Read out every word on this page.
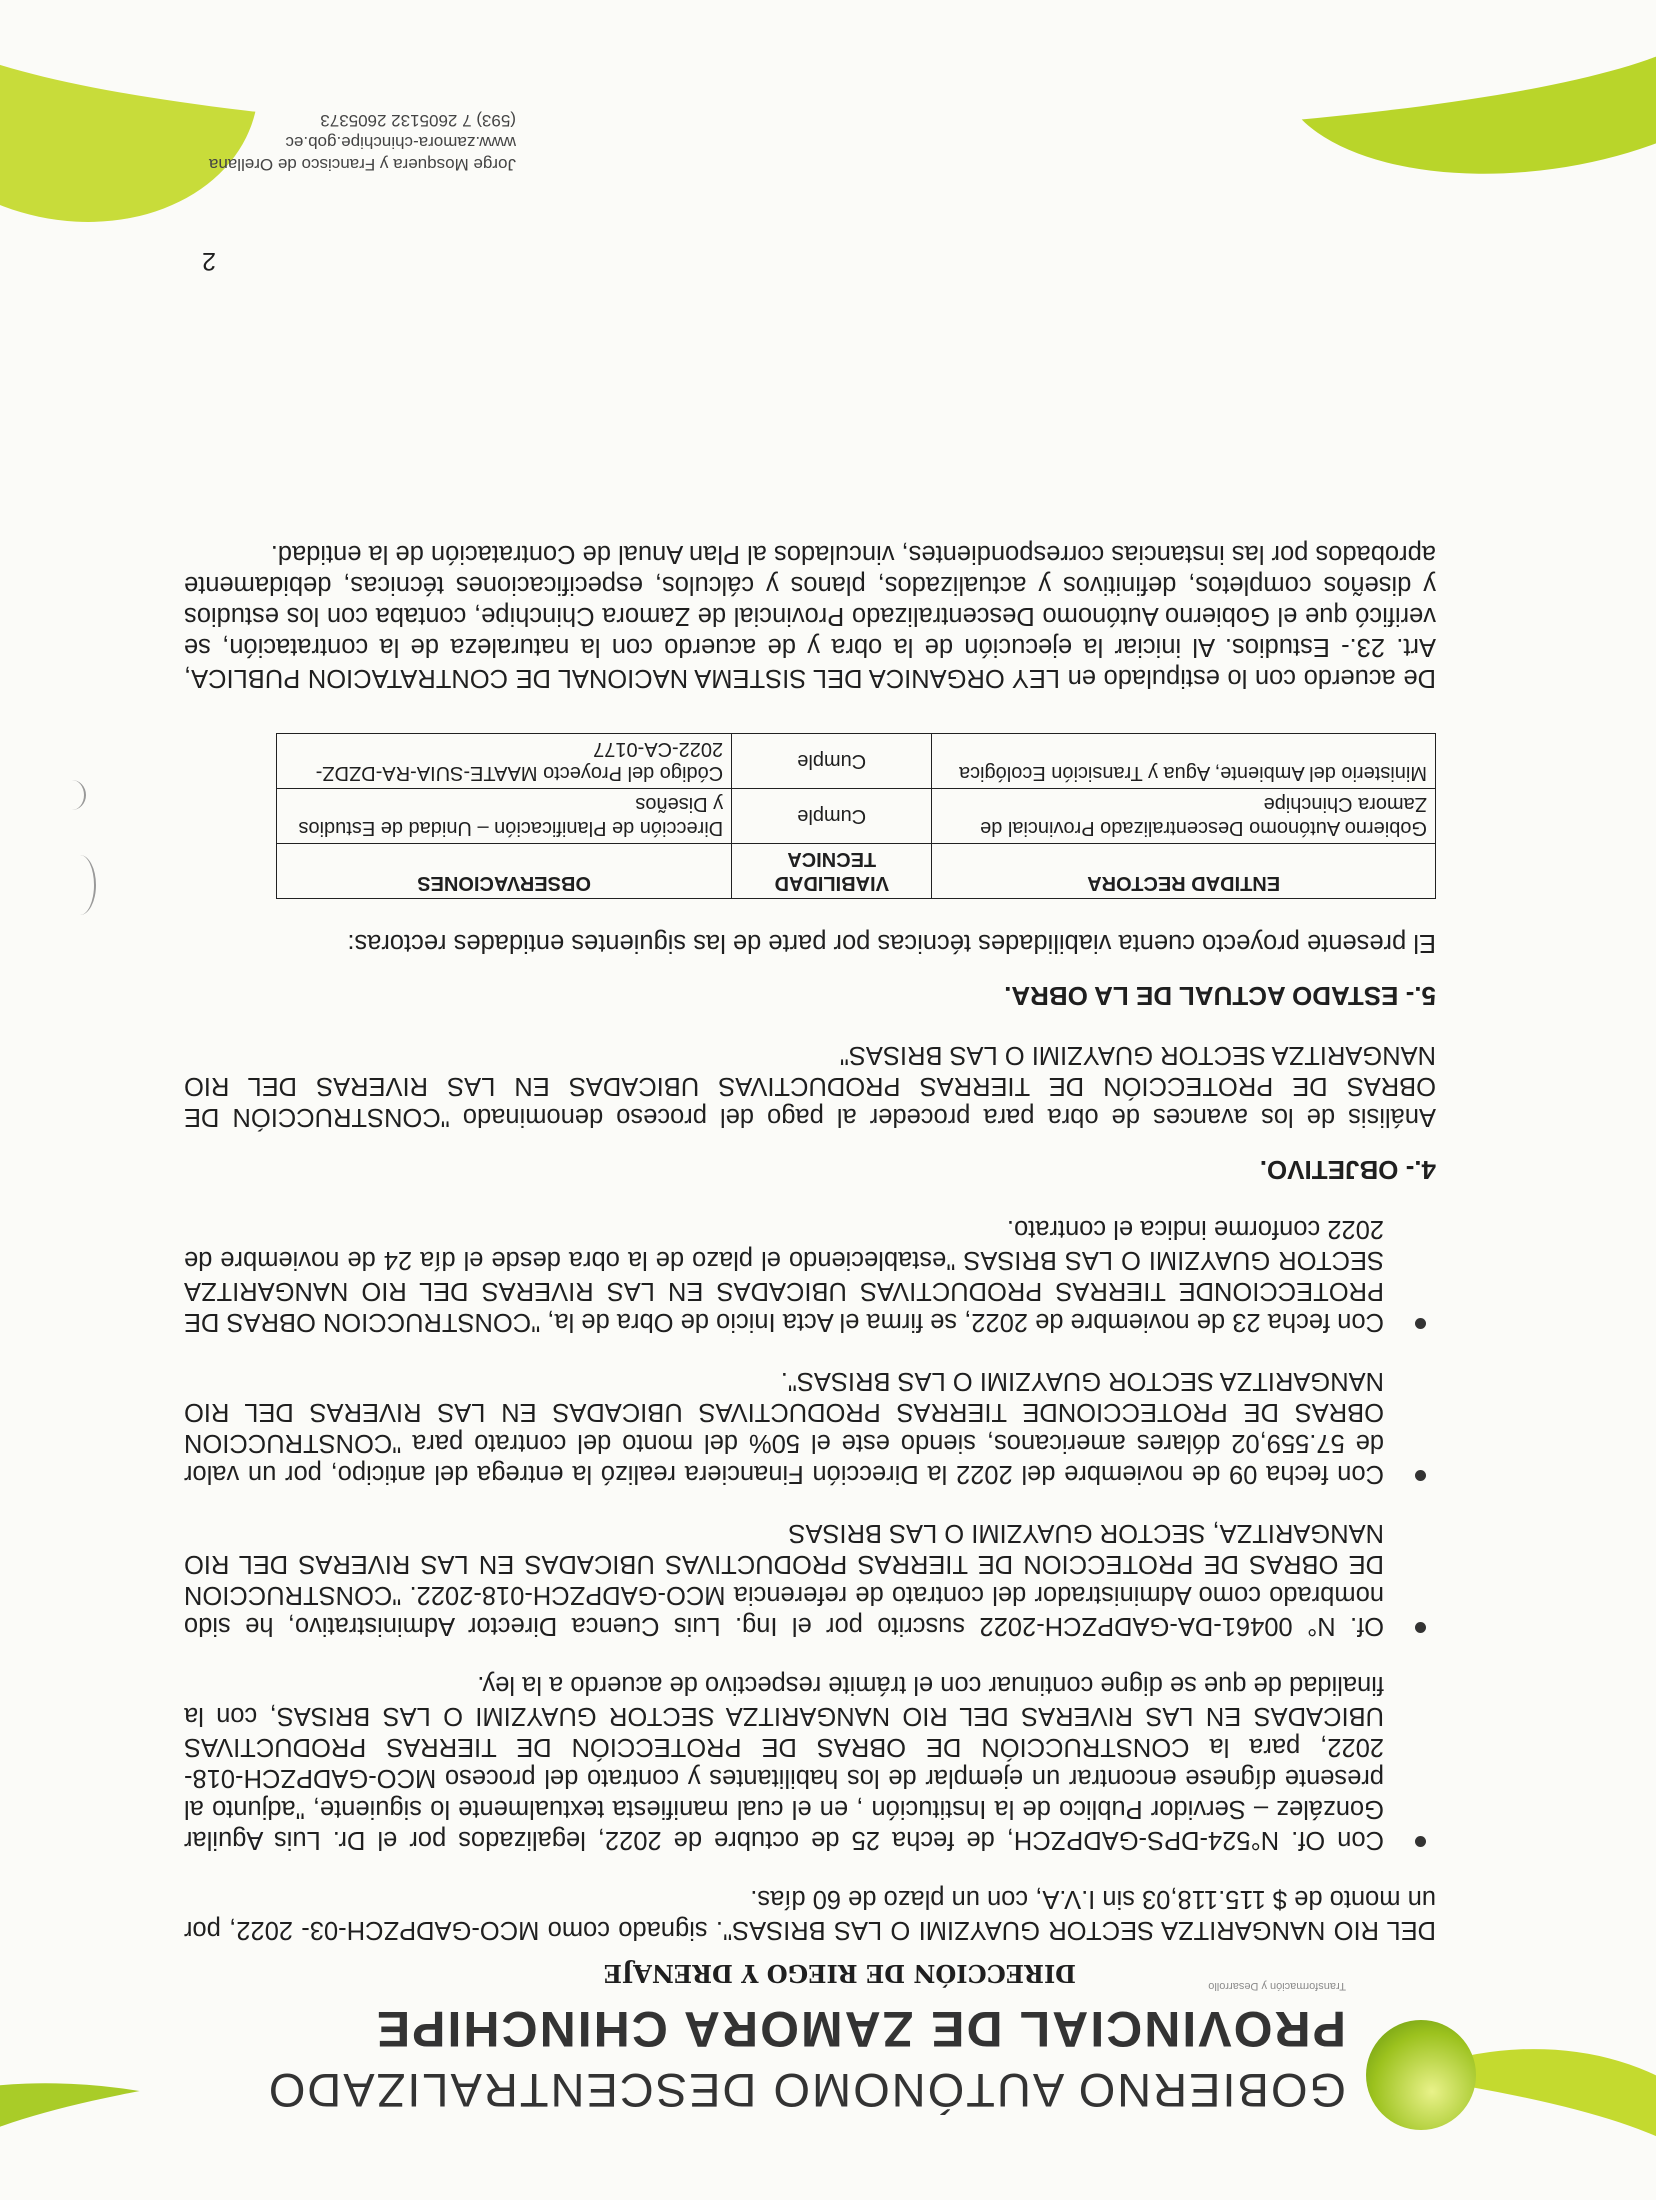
GOBIERNO AUTÓNOMO DESCENTRALIZADO
PROVINCIAL DE ZAMORA CHINCHIPE
Transformación y Desarrollo
DIRECCIÓN DE RIEGO Y DRENAJE

DEL RIO NANGARITZA SECTOR GUAYZIMI O LAS BRISAS". signado como MCO-GADPZCH-03- 2022, por un monto de $ 115.118,03 sin I.V.A, con un plazo de 60 días.

Con Of. N°524-DPS-GADPZCH, de fecha 25 de octubre de 2022, legalizados por el Dr. Luis Aguilar González – Servidor Publico de la Institución , en el cual manifiesta textualmente lo siguiente, "adjunto al presente dígnese encontrar un ejemplar de los habilitantes y contrato del proceso MCO-GADPZCH-018-2022, para la CONSTRUCCIÓN DE OBRAS DE PROTECCIÓN DE TIERRAS PRODUCTIVAS UBICADAS EN LAS RIVERAS DEL RIO NANGARITZA SECTOR GUAYZIMI O LAS BRISAS, con la finalidad de que se digne continuar con el trámite respectivo de acuerdo a la ley.
Of. N° 00461-DA-GADPZCH-2022 suscrito por el Ing. Luis Cuenca Director Administrativo, he sido nombrado como Administrador del contrato de referencia MCO-GADPZCH-018-2022. "CONSTRUCCION DE OBRAS DE PROTECCION DE TIERRAS PRODUCTIVAS UBICADAS EN LAS RIVERAS DEL RIO NANGARITZA, SECTOR GUAYZIMI O LAS BRISAS
Con fecha 09 de noviembre del 2022 la Dirección Financiera realizó la entrega del anticipo, por un valor de 57.559,02 dólares americanos, siendo este el 50% del monto del contrato para "CONSTRUCCION OBRAS DE PROTECCIONDE TIERRAS PRODUCTIVAS UBICADAS EN LAS RIVERAS DEL RIO NANGARITZA SECTOR GUAYZIMI O LAS BRISAS".
Con fecha 23 de noviembre de 2022, se firma el Acta Inicio de Obra de la, "CONSTRUCCION OBRAS DE PROTECCIONDE TIERRAS PRODUCTIVAS UBICADAS EN LAS RIVERAS DEL RIO NANGARITZA SECTOR GUAYZIMI O LAS BRISAS "estableciendo el plazo de la obra desde el día 24 de noviembre de 2022 conforme indica el contrato.
4.- OBJETIVO.

Análisis de los avances de obra para proceder al pago del proceso denominado "CONSTRUCCIÓN DE OBRAS DE PROTECCIÓN DE TIERRAS PRODUCTIVAS UBICADAS EN LAS RIVERAS DEL RIO NANGARITZA SECTOR GUAYZIMI O LAS BRISAS"

5.- ESTADO ACTUAL DE LA OBRA.

El presente proyecto cuenta viabilidades técnicas por parte de las siguientes entidades rectoras:

ENTIDAD RECTORA	VIABILIDAD TECNICA	OBSERVACIONES
Gobierno Autónomo Descentralizado Provincial de Zamora Chinchipe	Cumple	Dirección de Planificación – Unidad de Estudios y Diseños
Ministerio del Ambiente, Agua y Transición Ecológica	Cumple	Código del Proyecto MAATE-SUIA-RA-DZDZ-2022-CA-0177

De acuerdo con lo estipulado en LEY ORGANICA DEL SISTEMA NACIONAL DE CONTRATACION PUBLICA, Art. 23.- Estudios. Al iniciar la ejecución de la obra y de acuerdo con la naturaleza de la contratación, se verificó que el Gobierno Autónomo Descentralizado Provincial de Zamora Chinchipe, contaba con los estudios y diseños completos, definitivos y actualizados, planos y cálculos, especificaciones técnicas, debidamente aprobados por las instancias correspondientes, vinculados al Plan Anual de Contratación de la entidad.

2
Jorge Mosquera y Francisco de Orellana
www.zamora-chinchipe.gob.ec
(593) 7 2605132 2605373
